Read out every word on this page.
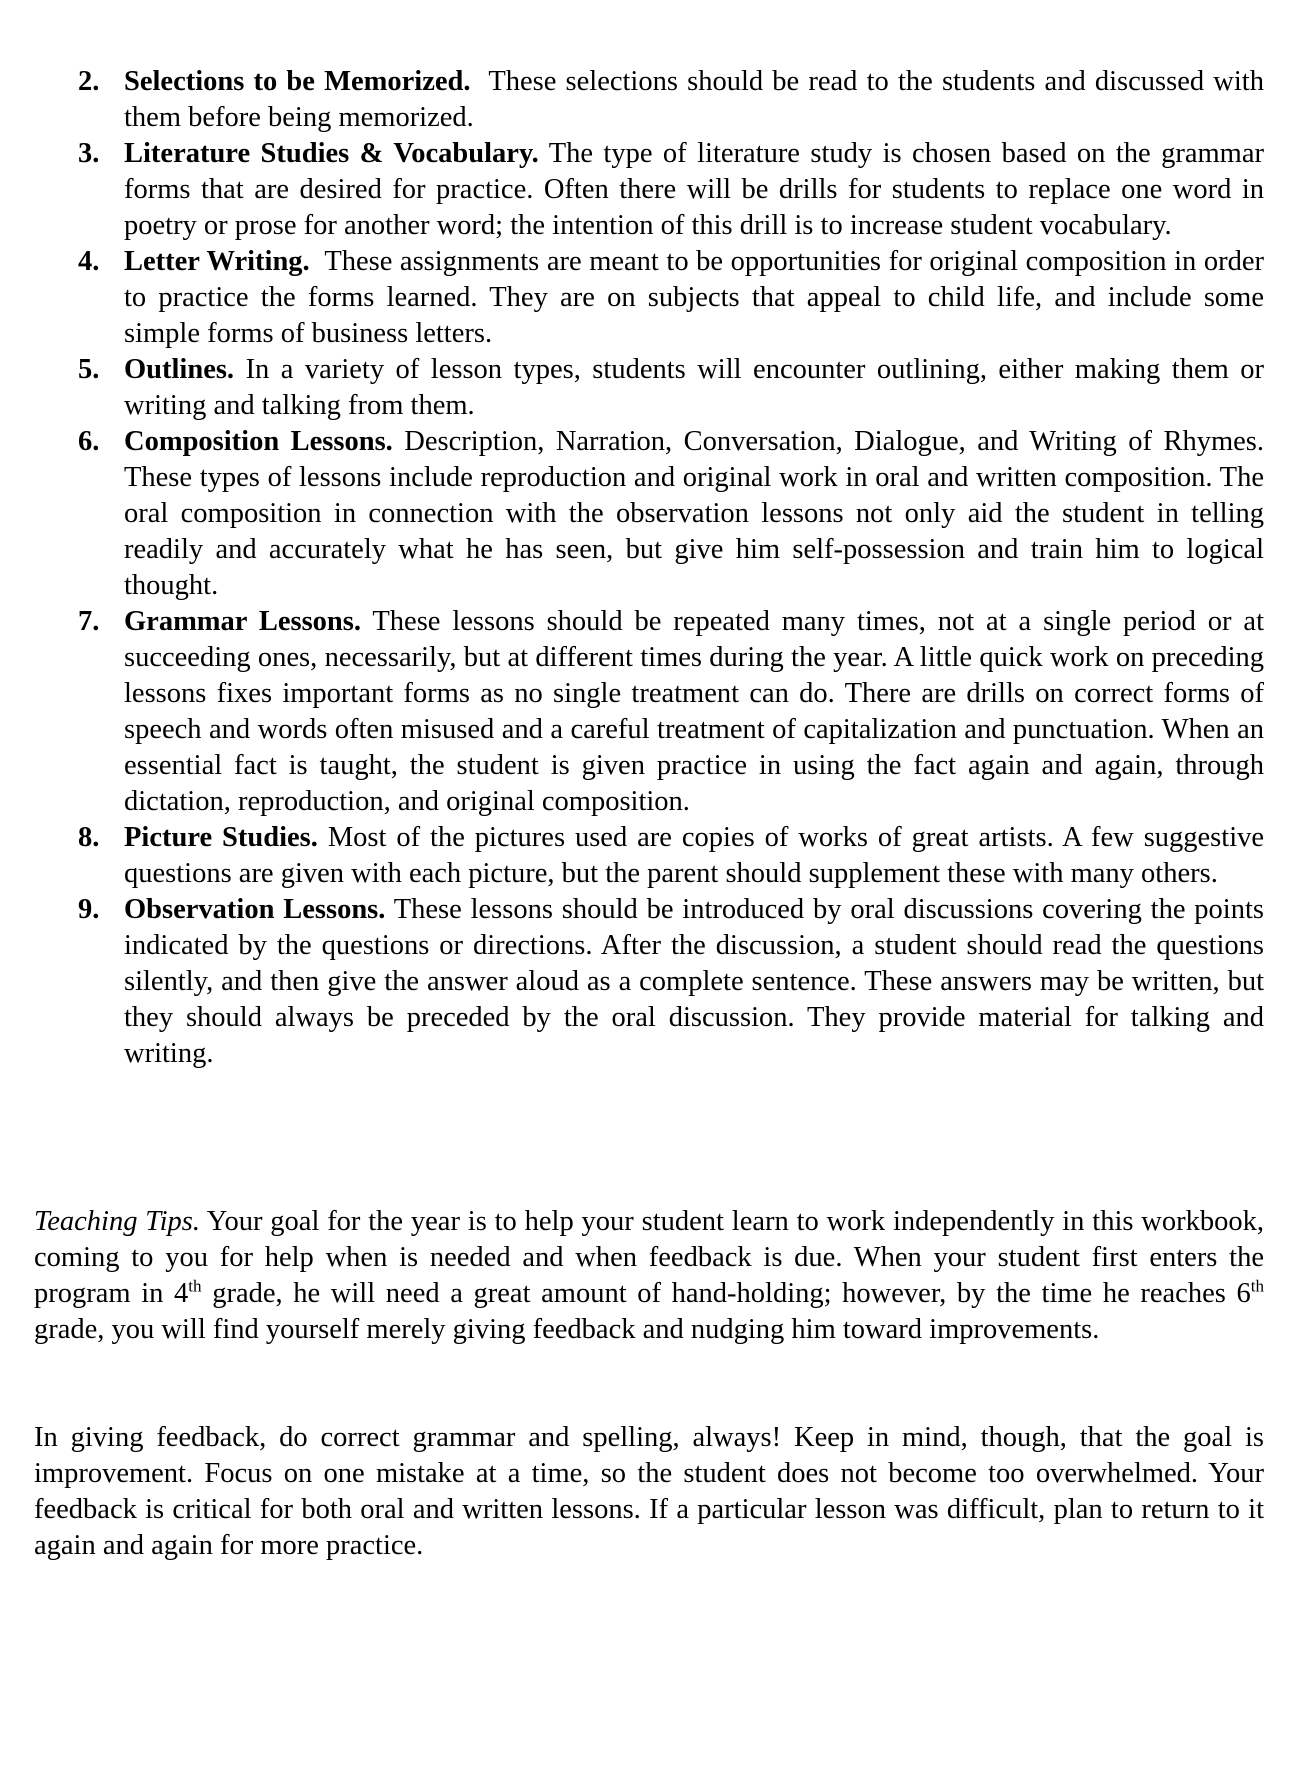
2. Selections to be Memorized. These selections should be read to the students and discussed with them before being memorized.
3. Literature Studies & Vocabulary. The type of literature study is chosen based on the grammar forms that are desired for practice. Often there will be drills for students to replace one word in poetry or prose for another word; the intention of this drill is to increase student vocabulary.
4. Letter Writing. These assignments are meant to be opportunities for original composition in order to practice the forms learned. They are on subjects that appeal to child life, and include some simple forms of business letters.
5. Outlines. In a variety of lesson types, students will encounter outlining, either making them or writing and talking from them.
6. Composition Lessons. Description, Narration, Conversation, Dialogue, and Writing of Rhymes. These types of lessons include reproduction and original work in oral and written composition. The oral composition in connection with the observation lessons not only aid the student in telling readily and accurately what he has seen, but give him self-possession and train him to logical thought.
7. Grammar Lessons. These lessons should be repeated many times, not at a single period or at succeeding ones, necessarily, but at different times during the year. A little quick work on preceding lessons fixes important forms as no single treatment can do. There are drills on correct forms of speech and words often misused and a careful treatment of capitalization and punctuation. When an essential fact is taught, the student is given practice in using the fact again and again, through dictation, reproduction, and original composition.
8. Picture Studies. Most of the pictures used are copies of works of great artists. A few suggestive questions are given with each picture, but the parent should supplement these with many others.
9. Observation Lessons. These lessons should be introduced by oral discussions covering the points indicated by the questions or directions. After the discussion, a student should read the questions silently, and then give the answer aloud as a complete sentence. These answers may be written, but they should always be preceded by the oral discussion. They provide material for talking and writing.

Teaching Tips. Your goal for the year is to help your student learn to work independently in this workbook, coming to you for help when is needed and when feedback is due. When your student first enters the program in 4th grade, he will need a great amount of hand-holding; however, by the time he reaches 6th grade, you will find yourself merely giving feedback and nudging him toward improvements.

In giving feedback, do correct grammar and spelling, always! Keep in mind, though, that the goal is improvement. Focus on one mistake at a time, so the student does not become too overwhelmed. Your feedback is critical for both oral and written lessons. If a particular lesson was difficult, plan to return to it again and again for more practice.
